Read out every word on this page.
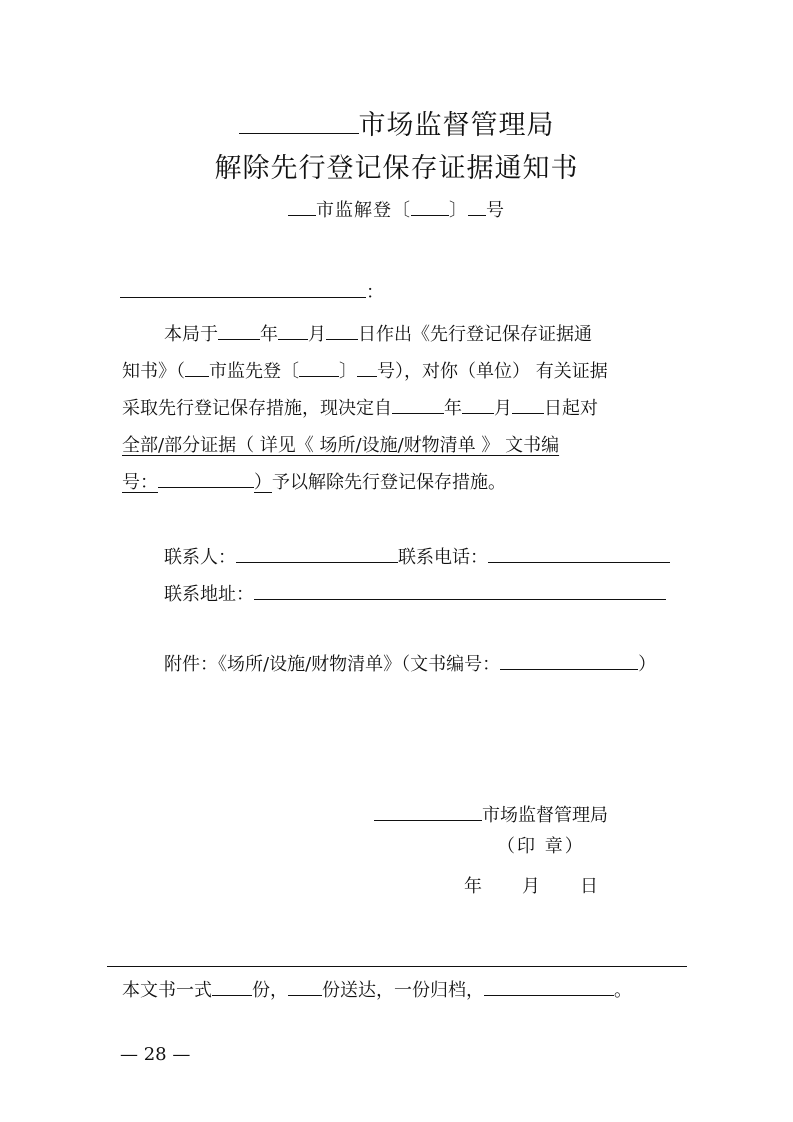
市场监督管理局
解除先行登记保存证据通知书
市监解登〔 〕 号
：
本局于 年 月 日作出《先行登记保存证据通
知书》（ 市监先登〔 〕 号），对你（单位） 有关证据
采取先行登记保存措施，现决定自	年 月 日起对
全部/部分证据（ 详见《 场所/设施/财物清单 》 文书编
号：	）予以解除先行登记保存措施。
联系人：	联系电话：
联系地址：
附件：《场所/设施/财物清单》（文书编号：	）
市场监督管理局
（印 章）
年 月 日
本文书一式 份， 份送达，一份归档，	。
— 28 —
